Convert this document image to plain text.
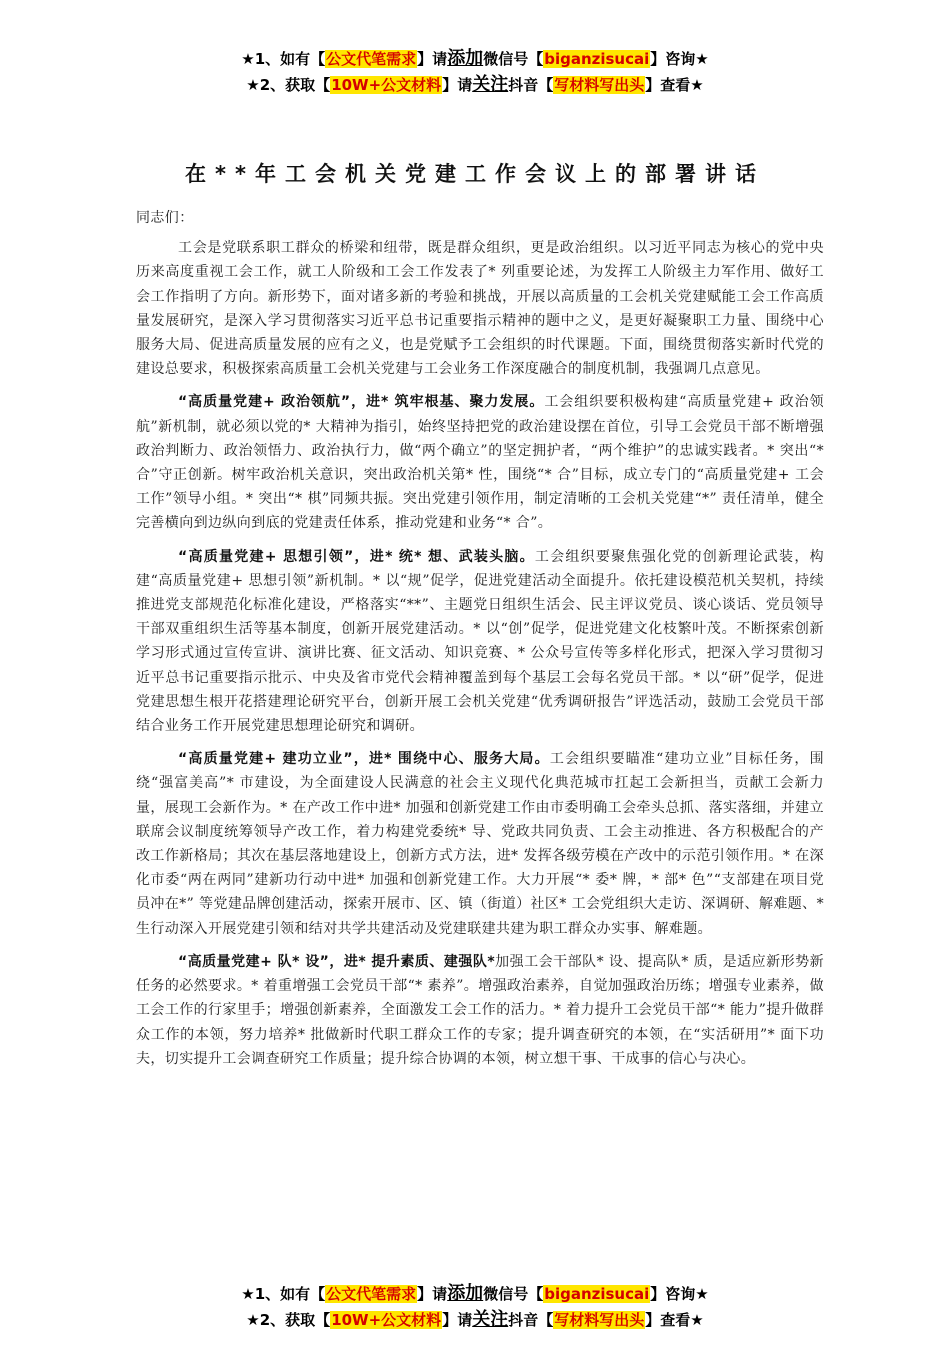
★1、如有【公文代笔需求】请添加微信号【biganzisucai】咨询★
★2、获取【10W+公文材料】请关注抖音【写材料写出头】查看★
在**年工会机关党建工作会议上的部署讲话

同志们：

工会是党联系职工群众的桥梁和纽带，既是群众组织，更是政治组织。以习近平同志为核心的党中央历来高度重视工会工作，就工人阶级和工会工作发表了* 列重要论述，为发挥工人阶级主力军作用、做好工会工作指明了方向。新形势下，面对诸多新的考验和挑战，开展以高质量的工会机关党建赋能工会工作高质量发展研究，是深入学习贯彻落实习近平总书记重要指示精神的题中之义，是更好凝聚职工力量、围绕中心服务大局、促进高质量发展的应有之义，也是党赋予工会组织的时代课题。下面，围绕贯彻落实新时代党的建设总要求，积极探索高质量工会机关党建与工会业务工作深度融合的制度机制，我强调几点意见。

“高质量党建+ 政治领航”，进* 筑牢根基、聚力发展。工会组织要积极构建“高质量党建+ 政治领航”新机制，就必须以党的* 大精神为指引，始终坚持把党的政治建设摆在首位，引导工会党员干部不断增强政治判断力、政治领悟力、政治执行力，做“两个确立”的坚定拥护者，“两个维护”的忠诚实践者。* 突出“* 合”守正创新。树牢政治机关意识，突出政治机关第* 性，围绕“* 合”目标，成立专门的“高质量党建+ 工会工作”领导小组。* 突出“* 棋”同频共振。突出党建引领作用，制定清晰的工会机关党建“*” 责任清单，健全完善横向到边纵向到底的党建责任体系，推动党建和业务“* 合”。

“高质量党建+ 思想引领”，进* 统* 想、武装头脑。工会组织要聚焦强化党的创新理论武装，构建“高质量党建+ 思想引领”新机制。* 以“规”促学，促进党建活动全面提升。依托建设模范机关契机，持续推进党支部规范化标准化建设，严格落实“**”、主题党日组织生活会、民主评议党员、谈心谈话、党员领导干部双重组织生活等基本制度，创新开展党建活动。* 以“创”促学，促进党建文化枝繁叶茂。不断探索创新学习形式通过宣传宣讲、演讲比赛、征文活动、知识竞赛、* 公众号宣传等多样化形式，把深入学习贯彻习近平总书记重要指示批示、中央及省市党代会精神覆盖到每个基层工会每名党员干部。* 以“研”促学，促进党建思想生根开花搭建理论研究平台，创新开展工会机关党建“优秀调研报告”评选活动，鼓励工会党员干部结合业务工作开展党建思想理论研究和调研。

“高质量党建+ 建功立业”，进* 围绕中心、服务大局。工会组织要瞄准“建功立业”目标任务，围绕“强富美高”* 市建设，为全面建设人民满意的社会主义现代化典范城市扛起工会新担当，贡献工会新力量，展现工会新作为。* 在产改工作中进* 加强和创新党建工作由市委明确工会牵头总抓、落实落细，并建立联席会议制度统筹领导产改工作，着力构建党委统* 导、党政共同负责、工会主动推进、各方积极配合的产改工作新格局；其次在基层落地建设上，创新方式方法，进* 发挥各级劳模在产改中的示范引领作用。* 在深化市委“两在两同”建新功行动中进* 加强和创新党建工作。大力开展“* 委* 牌，* 部* 色”“支部建在项目党员冲在*” 等党建品牌创建活动，探索开展市、区、镇（街道）社区* 工会党组织大走访、深调研、解难题、* 生行动深入开展党建引领和结对共学共建活动及党建联建共建为职工群众办实事、解难题。

“高质量党建+ 队* 设”，进* 提升素质、建强队*加强工会干部队* 设、提高队* 质，是适应新形势新任务的必然要求。* 着重增强工会党员干部“* 素养”。增强政治素养，自觉加强政治历练；增强专业素养，做工会工作的行家里手；增强创新素养，全面激发工会工作的活力。* 着力提升工会党员干部“* 能力”提升做群众工作的本领，努力培养* 批做新时代职工群众工作的专家；提升调查研究的本领，在“实活研用”* 面下功夫，切实提升工会调查研究工作质量；提升综合协调的本领，树立想干事、干成事的信心与决心。

★1、如有【公文代笔需求】请添加微信号【biganzisucai】咨询★
★2、获取【10W+公文材料】请关注抖音【写材料写出头】查看★
